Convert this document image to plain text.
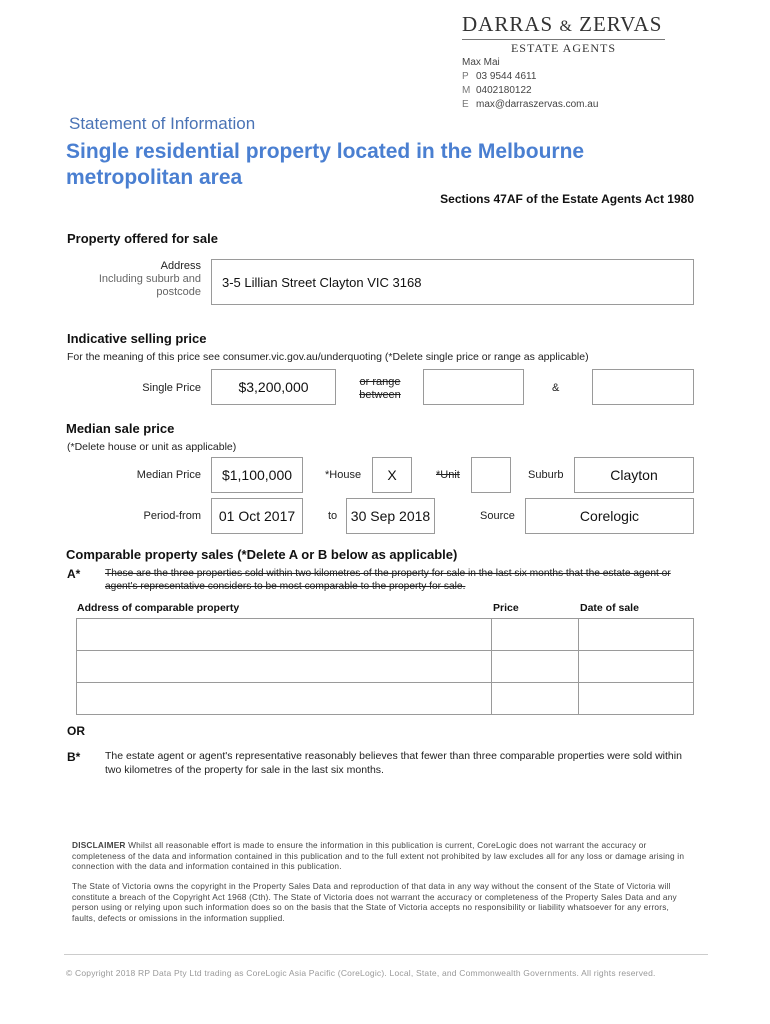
DARRAS & ZERVAS
ESTATE AGENTS
Max Mai
P 03 9544 4611
M 0402180122
E max@darraszervas.com.au
Statement of Information
Single residential property located in the Melbourne metropolitan area
Sections 47AF of the Estate Agents Act 1980
Property offered for sale
Address
Including suburb and
postcode
3-5 Lillian Street Clayton VIC 3168
Indicative selling price
For the meaning of this price see consumer.vic.gov.au/underquoting (*Delete single price or range as applicable)
Single Price	$3,200,000	or range
between
&
Median sale price
(*Delete house or unit as applicable)
Median Price	$1,100,000	*House	X	*Unit	Suburb	Clayton
Period-from	01 Oct 2017	to 30 Sep 2018	Source	Corelogic
Comparable property sales (*Delete A or B below as applicable)
A* These are the three properties sold within two kilometres of the property for sale in the last six months that the estate agent or agent's representative considers to be most comparable to the property for sale.
Address of comparable property	Price	Date of sale

OR
B* The estate agent or agent's representative reasonably believes that fewer than three comparable properties were sold within two kilometres of the property for sale in the last six months.
DISCLAIMER Whilst all reasonable effort is made to ensure the information in this publication is current, CoreLogic does not warrant the accuracy or completeness of the data and information contained in this publication and to the full extent not prohibited by law excludes all for any loss or damage arising in connection with the data and information contained in this publication.
The State of Victoria owns the copyright in the Property Sales Data and reproduction of that data in any way without the consent of the State of Victoria will constitute a breach of the Copyright Act 1968 (Cth). The State of Victoria does not warrant the accuracy or completeness of the Property Sales Data and any person using or relying upon such information does so on the basis that the State of Victoria accepts no responsibility or liability whatsoever for any errors, faults, defects or omissions in the information supplied.
© Copyright 2018 RP Data Pty Ltd trading as CoreLogic Asia Pacific (CoreLogic). Local, State, and Commonwealth Governments. All rights reserved.
